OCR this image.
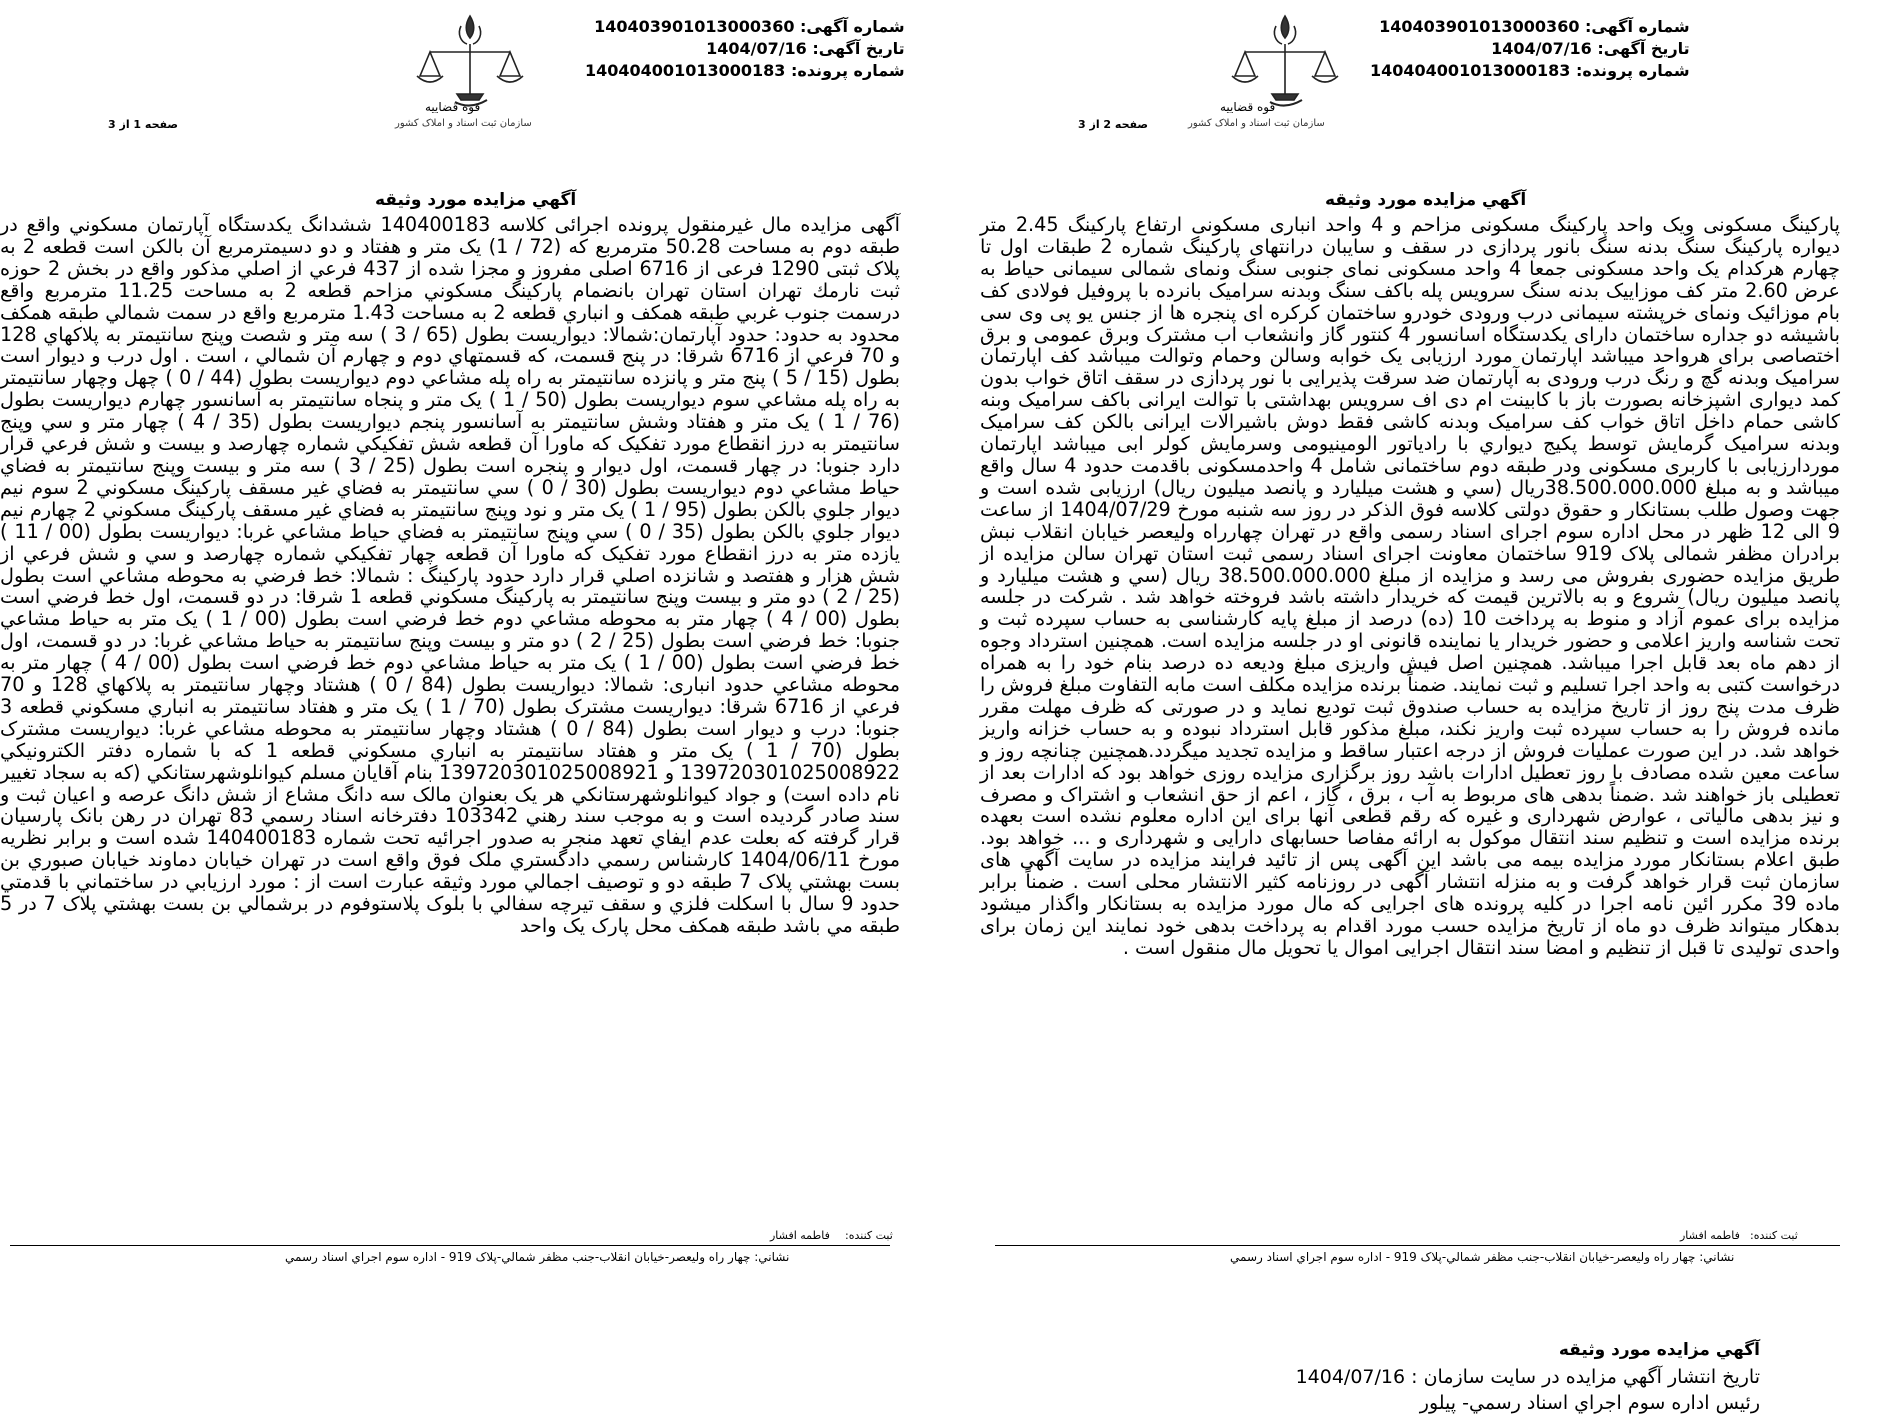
قوه قضاییه
سازمان ثبت اسناد و املاک کشور
شماره آگهی: 140403901013000360
تاریخ آگهی: 1404/07/16
شماره پرونده: 140404001013000183
صفحه 2 از 3
آگهي مزايده مورد وثيقه

پارکینگ مسکونی ویک واحد پارکینگ مسکونی مزاحم و 4 واحد انباری مسکونی ارتفاع پارکینگ 2.45 متر دیواره پارکینگ سنگ بدنه سنگ بانور پردازی در سقف و سایبان درانتهای پارکینگ شماره 2 طبقات اول تا چهارم هرکدام یک واحد مسکونی جمعا 4 واحد مسکونی نمای جنوبی سنگ ونمای شمالی سیمانی حیاط به عرض 2.60 متر کف موزاییک بدنه سنگ سرویس پله باکف سنگ وبدنه سرامیک بانرده با پروفیل فولادی کف بام موزائیک ونمای خرپشته سیمانی درب ورودی خودرو ساختمان کرکره ای پنجره ها از جنس یو پی وی سی باشیشه دو جداره ساختمان دارای یکدستگاه اسانسور 4 کنتور گاز وانشعاب اب مشترک وبرق عمومی و برق اختصاصی برای هرواحد میباشد اپارتمان مورد ارزیابی یک خوابه وسالن وحمام وتوالت میباشد کف اپارتمان سرامیک وبدنه گچ و رنگ درب ورودی به آپارتمان ضد سرقت پذیرایی با نور پردازی در سقف اتاق خواب بدون کمد دیواری اشپزخانه بصورت باز با کابینت ام دی اف سرویس بهداشتی با توالت ایرانی باکف سرامیک وبنه کاشی حمام داخل اتاق خواب کف سرامیک وبدنه کاشی فقط دوش باشیرالات ایرانی بالکن کف سرامیک وبدنه سرامیک گرمایش توسط پکیج دیواري با رادیاتور الومینیومی وسرمایش کولر ابی میباشد اپارتمان موردارزیابی با کاربری مسکونی ودر طبقه دوم ساختمانی شامل 4 واحدمسکونی باقدمت حدود 4 سال واقع میباشد و به مبلغ 38.500.000.000ریال (سي و هشت میلیارد و پانصد میلیون ریال) ارزیابی شده است و جهت وصول طلب بستانکار و حقوق دولتی کلاسه فوق الذکر در روز سه شنبه مورخ 1404/07/29 از ساعت 9 الی 12 ظهر در محل اداره سوم اجرای اسناد رسمی واقع در تهران چهارراه ولیعصر خیابان انقلاب نبش برادران مظفر شمالی پلاک 919 ساختمان معاونت اجرای اسناد رسمی ثبت استان تهران سالن مزایده از طریق مزایده حضوری بفروش می رسد و مزایده از مبلغ 38.500.000.000 ریال (سي و هشت میلیارد و پانصد میلیون ریال) شروع و به بالاترین قیمت که خریدار داشته باشد فروخته خواهد شد . شرکت در جلسه مزایده برای عموم آزاد و منوط به پرداخت 10 (ده) درصد از مبلغ پایه کارشناسی به حساب سپرده ثبت و تحت شناسه واریز اعلامی و حضور خریدار یا نماینده قانونی او در جلسه مزایده است. همچنین استرداد وجوه از دهم ماه بعد قابل اجرا میباشد. همچنین اصل فیش واریزی مبلغ ودیعه ده درصد بنام خود را به همراه درخواست کتبی به واحد اجرا تسلیم و ثبت نمایند. ضمناً برنده مزایده مکلف است مابه التفاوت مبلغ فروش را ظرف مدت پنج روز از تاریخ مزایده به حساب صندوق ثبت تودیع نماید و در صورتی که ظرف مهلت مقرر مانده فروش را به حساب سپرده ثبت واریز نکند، مبلغ مذکور قابل استرداد نبوده و به حساب خزانه واریز خواهد شد. در این صورت عملیات فروش از درجه اعتبار ساقط و مزایده تجدید میگردد.همچنین چنانچه روز و ساعت معین شده مصادف با روز تعطیل ادارات باشد روز برگزاری مزایده روزی خواهد بود که ادارات بعد از تعطیلی باز خواهند شد .ضمناً بدهی های مربوط به آب ، برق ، گاز ، اعم از حق انشعاب و اشتراک و مصرف و نیز بدهی مالیاتی ، عوارض شهرداری و غیره که رقم قطعی آنها برای این اداره معلوم نشده است بعهده برنده مزایده است و تنظیم سند انتقال موکول به ارائه مفاصا حسابهای دارایی و شهرداری و ... خواهد بود. طبق اعلام بستانکار مورد مزایده بیمه می باشد این آگهی پس از تائید فرایند مزایده در سایت آگهی های سازمان ثبت قرار خواهد گرفت و به منزله انتشار آگهی در روزنامه کثیر الانتشار محلی است . ضمناً برابر ماده 39 مکرر ائین نامه اجرا در کلیه پرونده های اجرایی که مال مورد مزایده به بستانکار واگذار میشود بدهکار میتواند ظرف دو ماه از تاریخ مزایده حسب مورد اقدام به پرداخت بدهی خود نمایند این زمان برای واحدی تولیدی تا قبل از تنظیم و امضا سند انتقال اجرایی اموال یا تحویل مال منقول است .

ثبت کننده:
فاطمه افشار
نشاني: چهار راه وليعصر-خيابان انقلاب-جنب مظفر شمالي-پلاک 919 - اداره سوم اجراي اسناد رسمي
قوه قضاییه
سازمان ثبت اسناد و املاک کشور
شماره آگهی: 140403901013000360
تاریخ آگهی: 1404/07/16
شماره پرونده: 140404001013000183
صفحه 1 از 3
آگهي مزايده مورد وثيقه

آگهی مزايده مال غيرمنقول پرونده اجرائی کلاسه 140400183 ششدانگ يكدستگاه آپارتمان مسكوني واقع در طبقه دوم به مساحت 50.28 مترمربع كه (72 / 1) يک متر و هفتاد و دو دسيمترمربع آن بالكن است قطعه 2 به پلاک ثبتی 1290 فرعی از 6716 اصلی مفروز و مجزا شده از 437 فرعي از اصلي مذكور واقع در بخش 2 حوزه ثبت نارمك تهران استان تهران بانضمام پاركينگ مسكوني مزاحم قطعه 2 به مساحت 11.25 مترمربع واقع درسمت جنوب غربي طبقه همكف و انباري قطعه 2 به مساحت 1.43 مترمربع واقع در سمت شمالي طبقه همكف محدود به حدود: حدود آپارتمان:شمالا: ديواريست بطول (65 / 3 ) سه متر و شصت وپنج سانتيمتر به پلاكهاي 128 و 70 فرعي از 6716 شرقا: در پنج قسمت، كه قسمتهاي دوم و چهارم آن شمالي ، است . اول درب و ديوار است بطول (15 / 5 ) پنج متر و پانزده سانتيمتر به راه پله مشاعي دوم ديواريست بطول (44 / 0 ) چهل وچهار سانتيمتر به راه پله مشاعي سوم ديواريست بطول (50 / 1 ) يک متر و پنجاه سانتيمتر به آسانسور چهارم ديواريست بطول (76 / 1 ) يک متر و هفتاد وشش سانتيمتر به آسانسور پنجم ديواريست بطول (35 / 4 ) چهار متر و سي وپنج سانتيمتر به درز انقطاع مورد تفكيک كه ماورا آن قطعه شش تفكيكي شماره چهارصد و بيست و شش فرعي قرار دارد جنوبا: در چهار قسمت، اول ديوار و پنجره است بطول (25 / 3 ) سه متر و بيست وپنج سانتيمتر به فضاي حياط مشاعي دوم ديواريست بطول (30 / 0 ) سي سانتيمتر به فضاي غير مسقف پاركينگ مسكوني 2 سوم نيم ديوار جلوي بالكن بطول (95 / 1 ) يک متر و نود وپنج سانتيمتر به فضاي غير مسقف پاركينگ مسكوني 2 چهارم نيم ديوار جلوي بالكن بطول (35 / 0 ) سي وپنج سانتيمتر به فضاي حياط مشاعي غربا: ديواريست بطول (00 / 11 ) يازده متر به درز انقطاع مورد تفكيک كه ماورا آن قطعه چهار تفكيكي شماره چهارصد و سي و شش فرعي از شش هزار و هفتصد و شانزده اصلي قرار دارد حدود پاركينگ : شمالا: خط فرضي به محوطه مشاعي است بطول (25 / 2 ) دو متر و بيست وپنج سانتيمتر به پاركينگ مسكوني قطعه 1 شرقا: در دو قسمت، اول خط فرضي است بطول (00 / 4 ) چهار متر به محوطه مشاعي دوم خط فرضي است بطول (00 / 1 ) يک متر به حياط مشاعي جنوبا: خط فرضي است بطول (25 / 2 ) دو متر و بيست وپنج سانتيمتر به حياط مشاعي غربا: در دو قسمت، اول خط فرضي است بطول (00 / 1 ) يک متر به حياط مشاعي دوم خط فرضي است بطول (00 / 4 ) چهار متر به محوطه مشاعي حدود انباری: شمالا: ديواريست بطول (84 / 0 ) هشتاد وچهار سانتيمتر به پلاكهاي 128 و 70 فرعي از 6716 شرقا: ديواريست مشترک بطول (70 / 1 ) يک متر و هفتاد سانتيمتر به انباري مسكوني قطعه 3 جنوبا: درب و ديوار است بطول (84 / 0 ) هشتاد وچهار سانتيمتر به محوطه مشاعي غربا: ديواريست مشترک بطول (70 / 1 ) يک متر و هفتاد سانتيمتر به انباري مسكوني قطعه 1 كه با شماره دفتر الكترونيكي 139720301025008922 و 139720301025008921 بنام آقايان مسلم كيوانلوشهرستانكي (كه به سجاد تغيير نام داده است) و جواد كيوانلوشهرستانكي هر يک بعنوان مالک سه دانگ مشاع از شش دانگ عرصه و اعيان ثبت و سند صادر گرديده است و به موجب سند رهني 103342 دفترخانه اسناد رسمي 83 تهران در رهن بانک پارسيان قرار گرفته كه بعلت عدم ايفاي تعهد منجر به صدور اجرائيه تحت شماره 140400183 شده است و برابر نظريه مورخ 1404/06/11 كارشناس رسمي دادگستري ملک فوق واقع است در تهران خيابان دماوند خيابان صبوري بن بست بهشتي پلاک 7 طبقه دو و توصيف اجمالي مورد وثيقه عبارت است از : مورد ارزيابي در ساختماني با قدمتي حدود 9 سال با اسكلت فلزي و سقف تيرچه سفالي با بلوک پلاستوفوم در برشمالي بن بست بهشتي پلاک 7 در 5 طبقه مي باشد طبقه همكف محل پارک يک واحد

ثبت کننده:
فاطمه افشار
نشاني: چهار راه وليعصر-خيابان انقلاب-جنب مظفر شمالي-پلاک 919 - اداره سوم اجراي اسناد رسمي
آگهي مزايده مورد وثيقه
تاريخ انتشار آگهي مزايده در سايت سازمان : 1404/07/16
رئيس اداره سوم اجراي اسناد رسمي- پيلور
